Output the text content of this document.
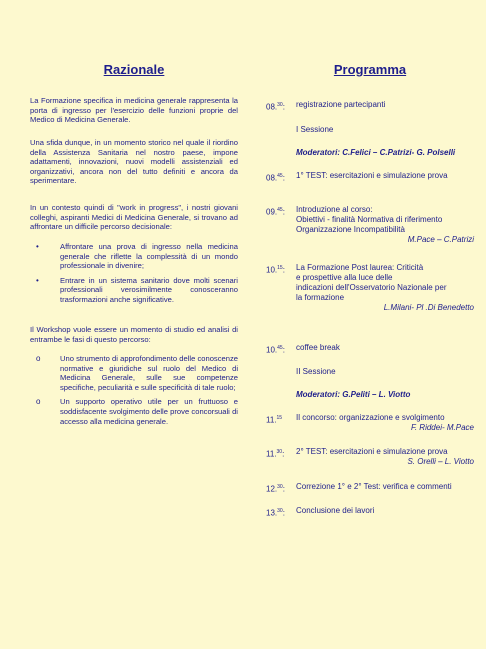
Razionale

La Formazione specifica in medicina generale rappresenta la porta di ingresso per l'esercizio delle funzioni proprie del Medico di Medicina Generale.

Una sfida dunque, in un momento storico nel quale il riordino della Assistenza Sanitaria nel nostro paese, impone adattamenti, innovazioni, nuovi modelli assistenziali ed organizzativi, ancora non del tutto definiti e ancora da sperimentare.

In un contesto quindi di "work in progress", i nostri giovani colleghi, aspiranti Medici di Medicina Generale, si trovano ad affrontare un difficile percorso decisionale:

•	Affrontare una prova di ingresso nella medicina generale che riflette la complessità di un mondo professionale in divenire;
•	Entrare in un sistema sanitario dove molti scenari professionali verosimilmente conosceranno trasformazioni anche significative.

Il Workshop vuole essere un momento di studio ed analisi di entrambe le fasi di questo percorso:

o	Uno strumento di approfondimento delle conoscenze normative e giuridiche sul ruolo del Medico di Medicina Generale, sulle sue competenze specifiche, peculiarità e sulle specificità di tale ruolo;
o	Un supporto operativo utile per un fruttuoso e soddisfacente svolgimento delle prove concorsuali di accesso alla medicina generale.
Programma
08.30:	registrazione partecipanti
I Sessione
Moderatori: C.Felici – C.Patrizi- G. Polselli
08.45:	1° TEST: esercitazioni e simulazione prova
09.45:	Introduzione al corso:
Obiettivi - finalità Normativa di riferimento
Organizzazione Incompatibilità
M.Pace – C.Patrizi
10.15:	La Formazione Post laurea: Criticità
e prospettive alla luce delle
indicazioni dell'Osservatorio Nazionale per
la formazione
L.Milani- Pl .Di Benedetto
10.45:	coffee break
II Sessione
Moderatori: G.Peliti – L. Viotto
11.15	Il concorso: organizzazione e svolgimento
F. Riddei- M.Pace
11.30:	2° TEST: esercitazioni e simulazione prova
S. Orelli – L. Viotto
12.30:	Correzione 1° e 2° Test: verifica e commenti
13.30:	Conclusione dei lavori
